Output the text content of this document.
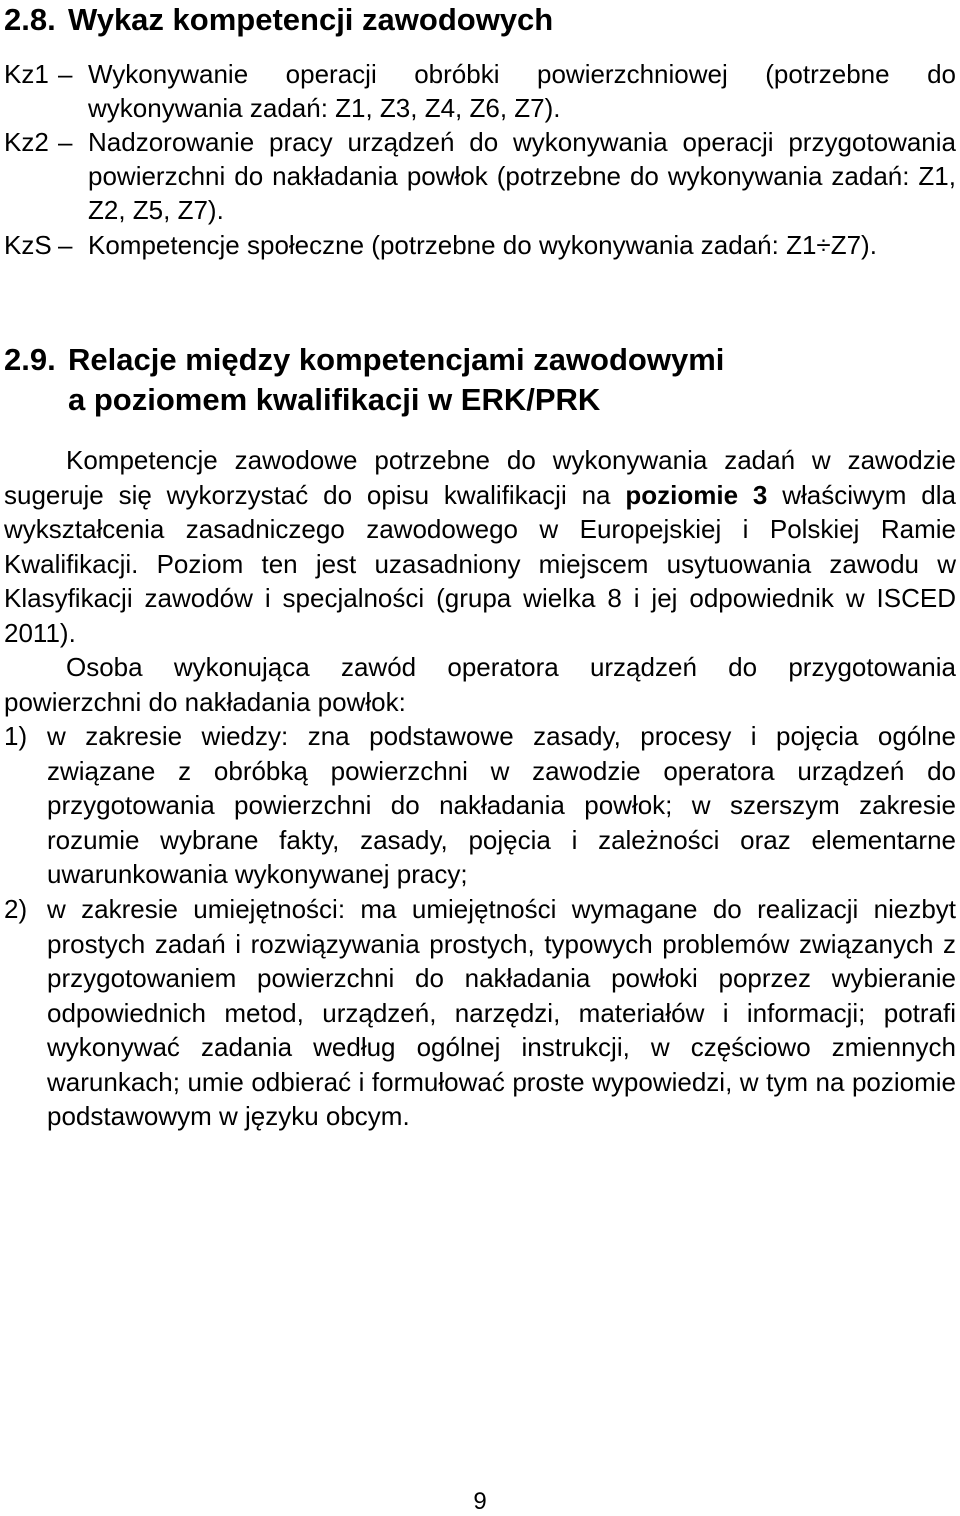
2.8. Wykaz kompetencji zawodowych
Kz1 – Wykonywanie operacji obróbki powierzchniowej (potrzebne do wykonywania zadań: Z1, Z3, Z4, Z6, Z7).
Kz2 – Nadzorowanie pracy urządzeń do wykonywania operacji przygotowania powierzchni do nakładania powłok (potrzebne do wykonywania zadań: Z1, Z2, Z5, Z7).
KzS – Kompetencje społeczne (potrzebne do wykonywania zadań: Z1÷Z7).
2.9. Relacje między kompetencjami zawodowymi
a poziomem kwalifikacji w ERK/PRK
Kompetencje zawodowe potrzebne do wykonywania zadań w zawodzie sugeruje się wykorzystać do opisu kwalifikacji na poziomie 3 właściwym dla wykształcenia zasadniczego zawodowego w Europejskiej i Polskiej Ramie Kwalifikacji. Poziom ten jest uzasadniony miejscem usytuowania zawodu w Klasyfikacji zawodów i specjalności (grupa wielka 8 i jej odpowiednik w ISCED 2011).
Osoba wykonująca zawód operatora urządzeń do przygotowania powierzchni do nakładania powłok:
1) w zakresie wiedzy: zna podstawowe zasady, procesy i pojęcia ogólne związane z obróbką powierzchni w zawodzie operatora urządzeń do przygotowania powierzchni do nakładania powłok; w szerszym zakresie rozumie wybrane fakty, zasady, pojęcia i zależności oraz elementarne uwarunkowania wykonywanej pracy;
2) w zakresie umiejętności: ma umiejętności wymagane do realizacji niezbyt prostych zadań i rozwiązywania prostych, typowych problemów związanych z przygotowaniem powierzchni do nakładania powłoki poprzez wybieranie odpowiednich metod, urządzeń, narzędzi, materiałów i informacji; potrafi wykonywać zadania według ogólnej instrukcji, w częściowo zmiennych warunkach; umie odbierać i formułować proste wypowiedzi, w tym na poziomie podstawowym w języku obcym.
9
